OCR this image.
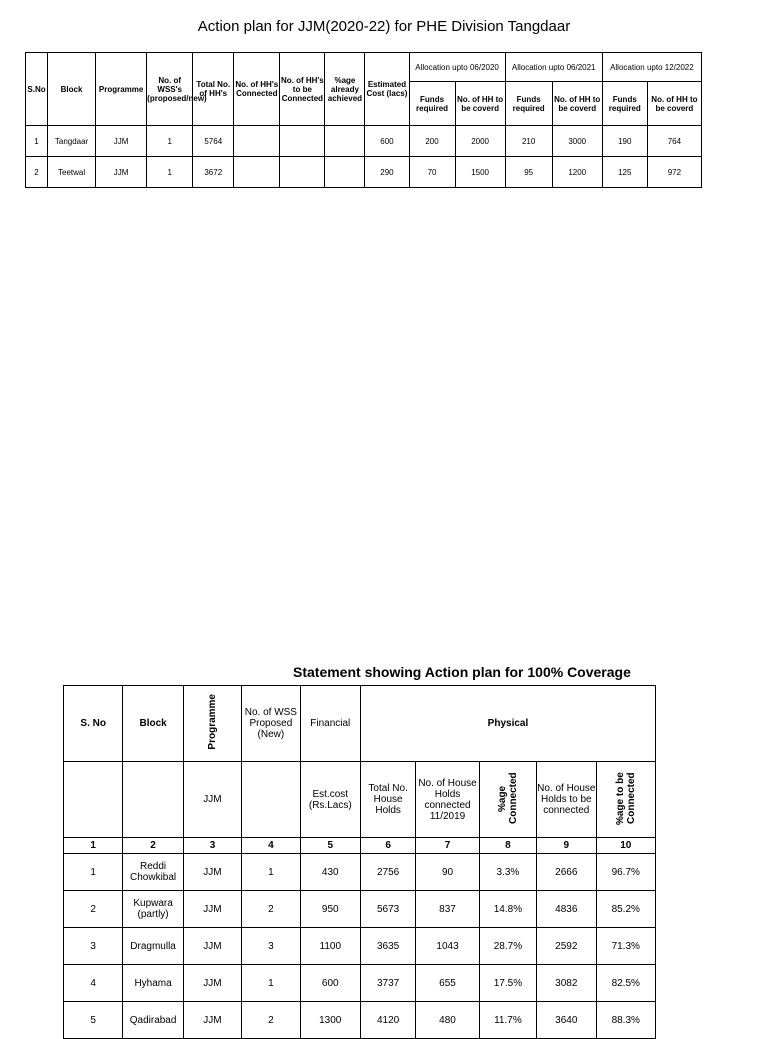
Action plan for JJM(2020-22) for PHE Division Tangdaar
S.No	Block	Programme	No. of WSS's (proposed/new)	Total No. of HH's	No. of HH's Connected	No. of HH's to be Connected	%age already achieved	Estimated Cost (lacs)	Allocation upto 06/2020		Allocation upto 06/2021		Allocation upto 12/2022	
									Funds required	No. of HH to be coverd	Funds required	No. of HH to be coverd	Funds required	No. of HH to be coverd
1	Tangdaar	JJM	1	5764				600	200	2000	210	3000	190	764
2	Teetwal	JJM	1	3672				290	70	1500	95	1200	125	972
Statement showing Action plan for 100% Coverage
S. No	Block	Programme	No. of WSS Proposed (New)	Financial	Physical				
		JJM		Est.cost (Rs.Lacs)	Total No. House Holds	No. of House Holds connected 11/2019	%age Connected	No. of House Holds to be connected	%age to be Connected
1	2	3	4	5	6	7	8	9	10
1	Reddi Chowkibal	JJM	1	430	2756	90	3.3%	2666	96.7%
2	Kupwara (partly)	JJM	2	950	5673	837	14.8%	4836	85.2%
3	Dragmulla	JJM	3	1100	3635	1043	28.7%	2592	71.3%
4	Hyhama	JJM	1	600	3737	655	17.5%	3082	82.5%
5	Qadirabad	JJM	2	1300	4120	480	11.7%	3640	88.3%
